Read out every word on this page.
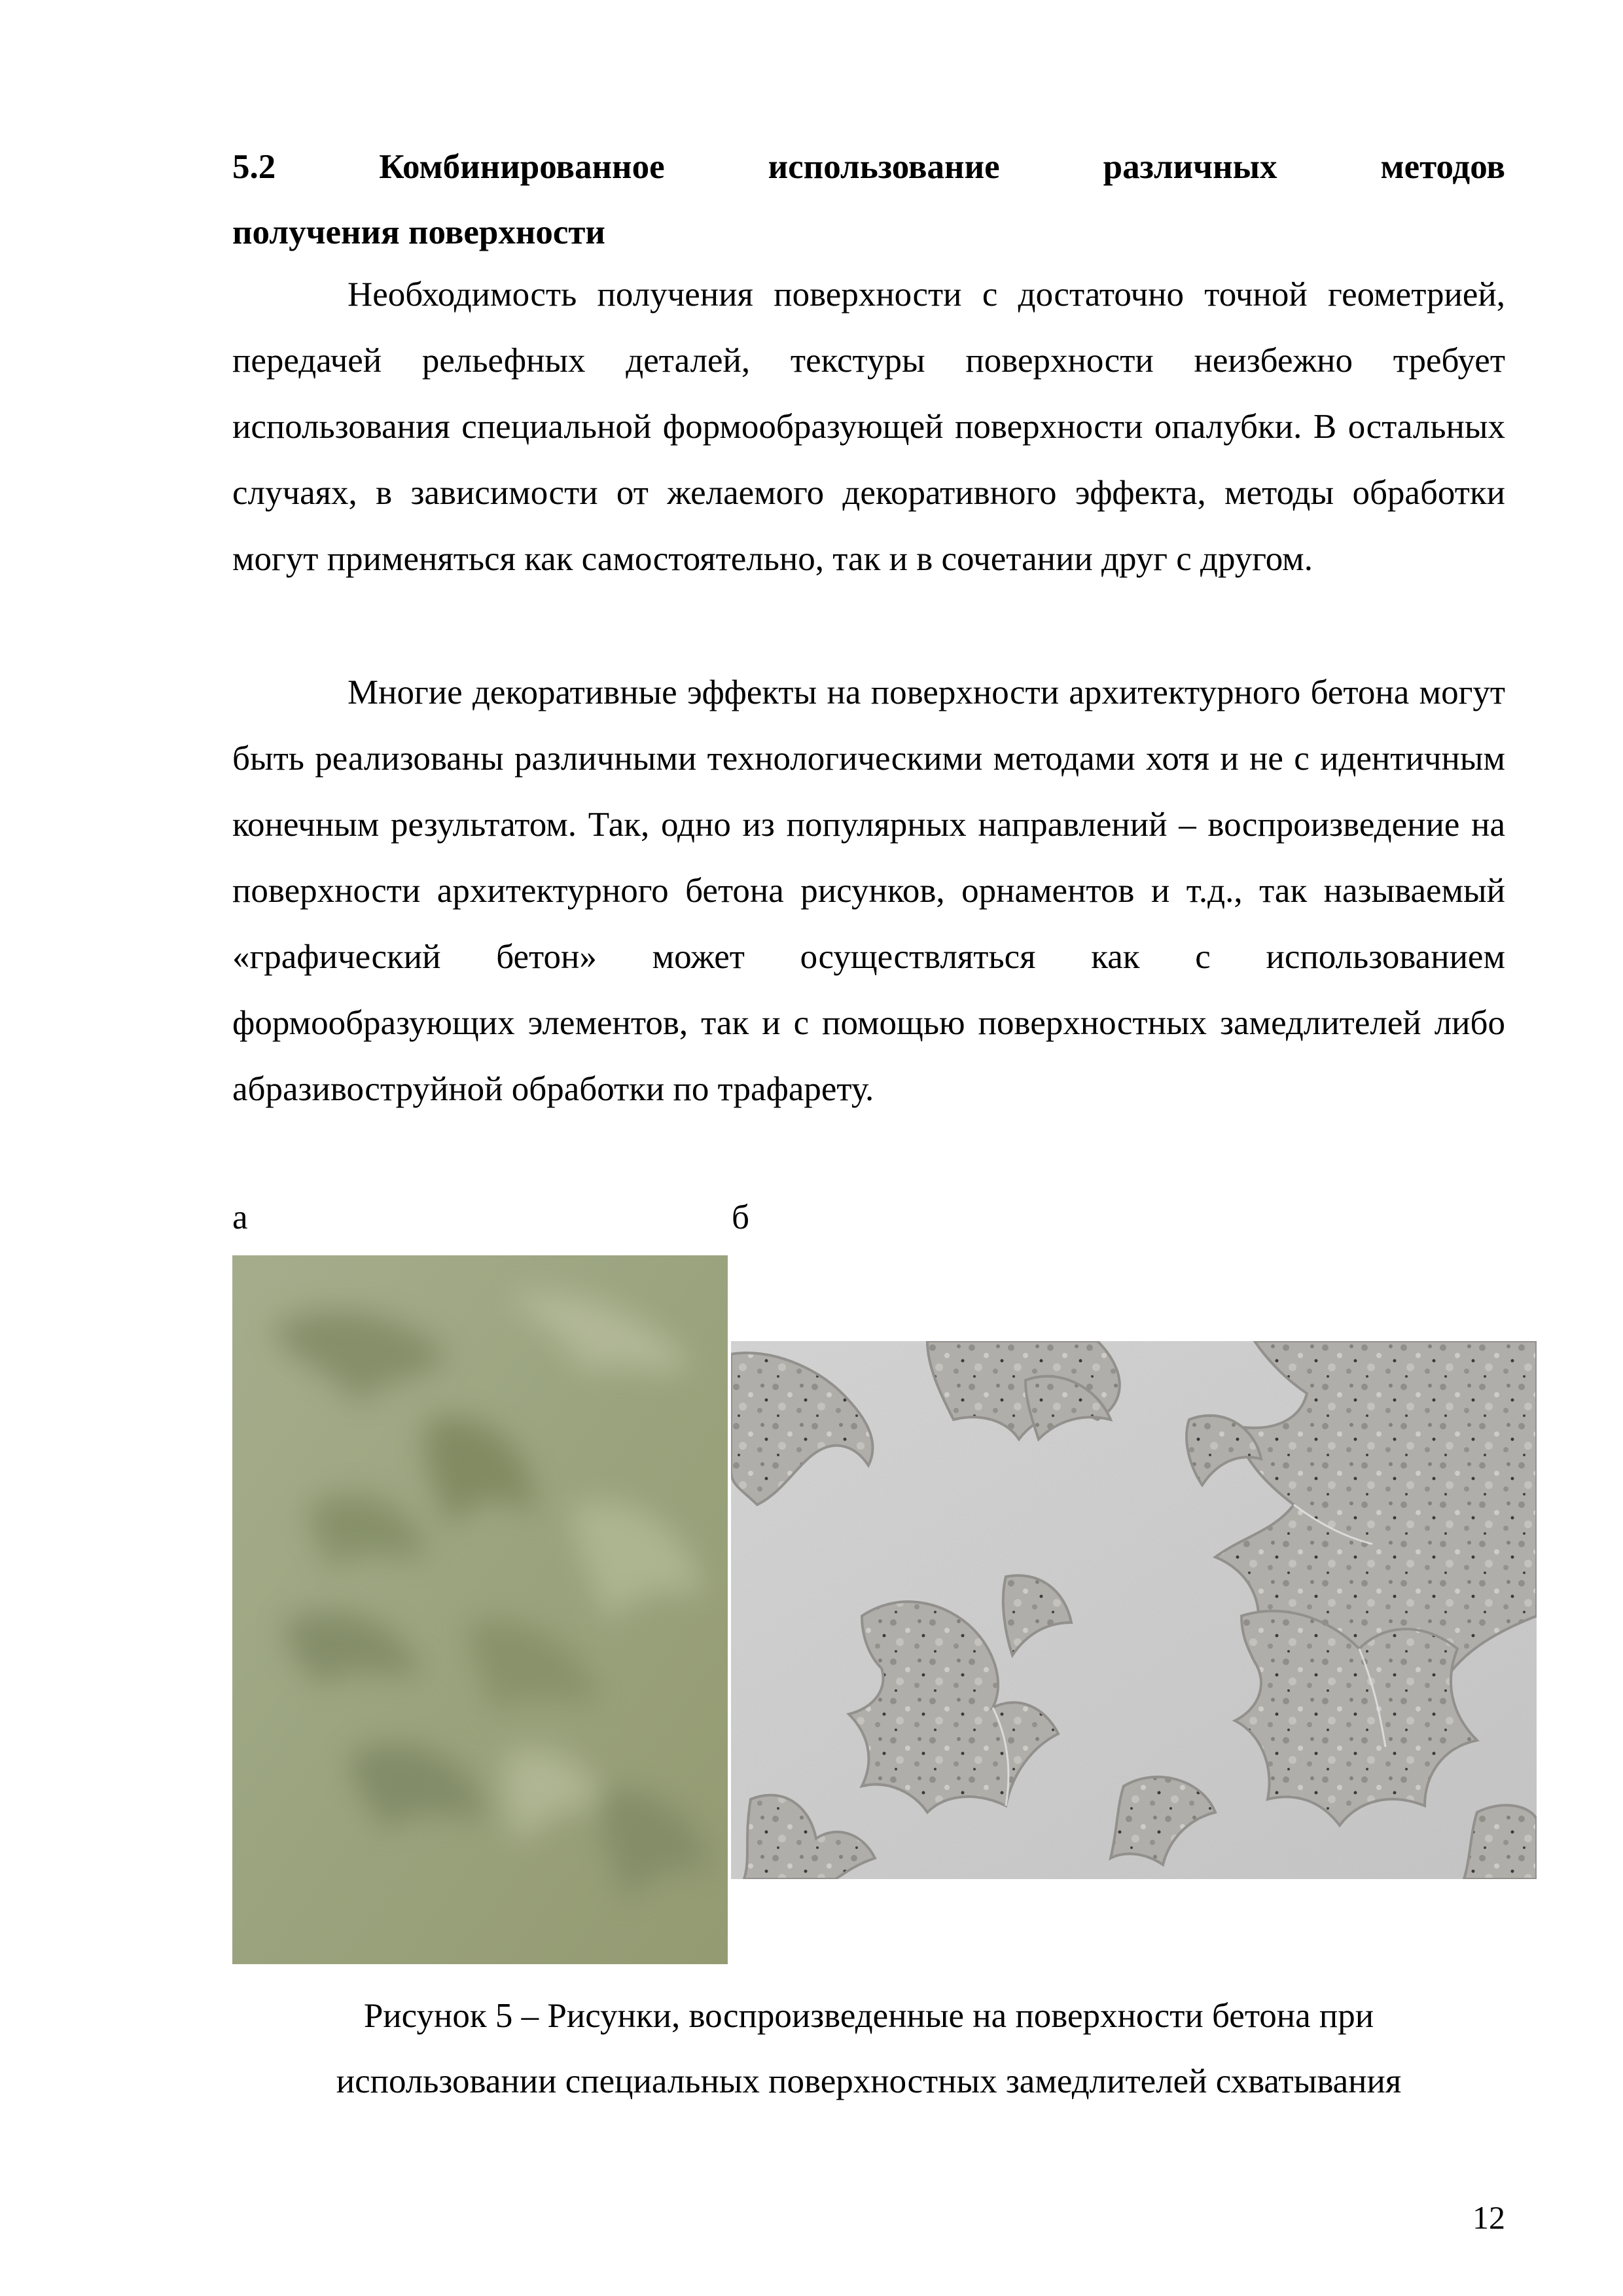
5.2	Комбинированное	использование	различных	методов
получения поверхности

Необходимость получения поверхности с достаточно точной геометрией, передачей рельефных деталей, текстуры поверхности неизбежно требует использования специальной формообразующей поверхности опалубки. В остальных случаях, в зависимости от желаемого декоративного эффекта, методы обработки могут применяться как самостоятельно, так и в сочетании друг с другом.

Многие декоративные эффекты на поверхности архитектурного бетона могут быть реализованы различными технологическими методами хотя и не с идентичным конечным результатом. Так, одно из популярных направлений – воспроизведение на поверхности архитектурного бетона рисунков, орнаментов и т.д., так называемый «графический бетон» может осуществляться как с использованием формообразующих элементов, так и с помощью поверхностных замедлителей либо абразивоструйной обработки по трафарету.

а	б
Рисунок 5 – Рисунки, воспроизведенные на поверхности бетона при
использовании специальных поверхностных замедлителей схватывания
12
